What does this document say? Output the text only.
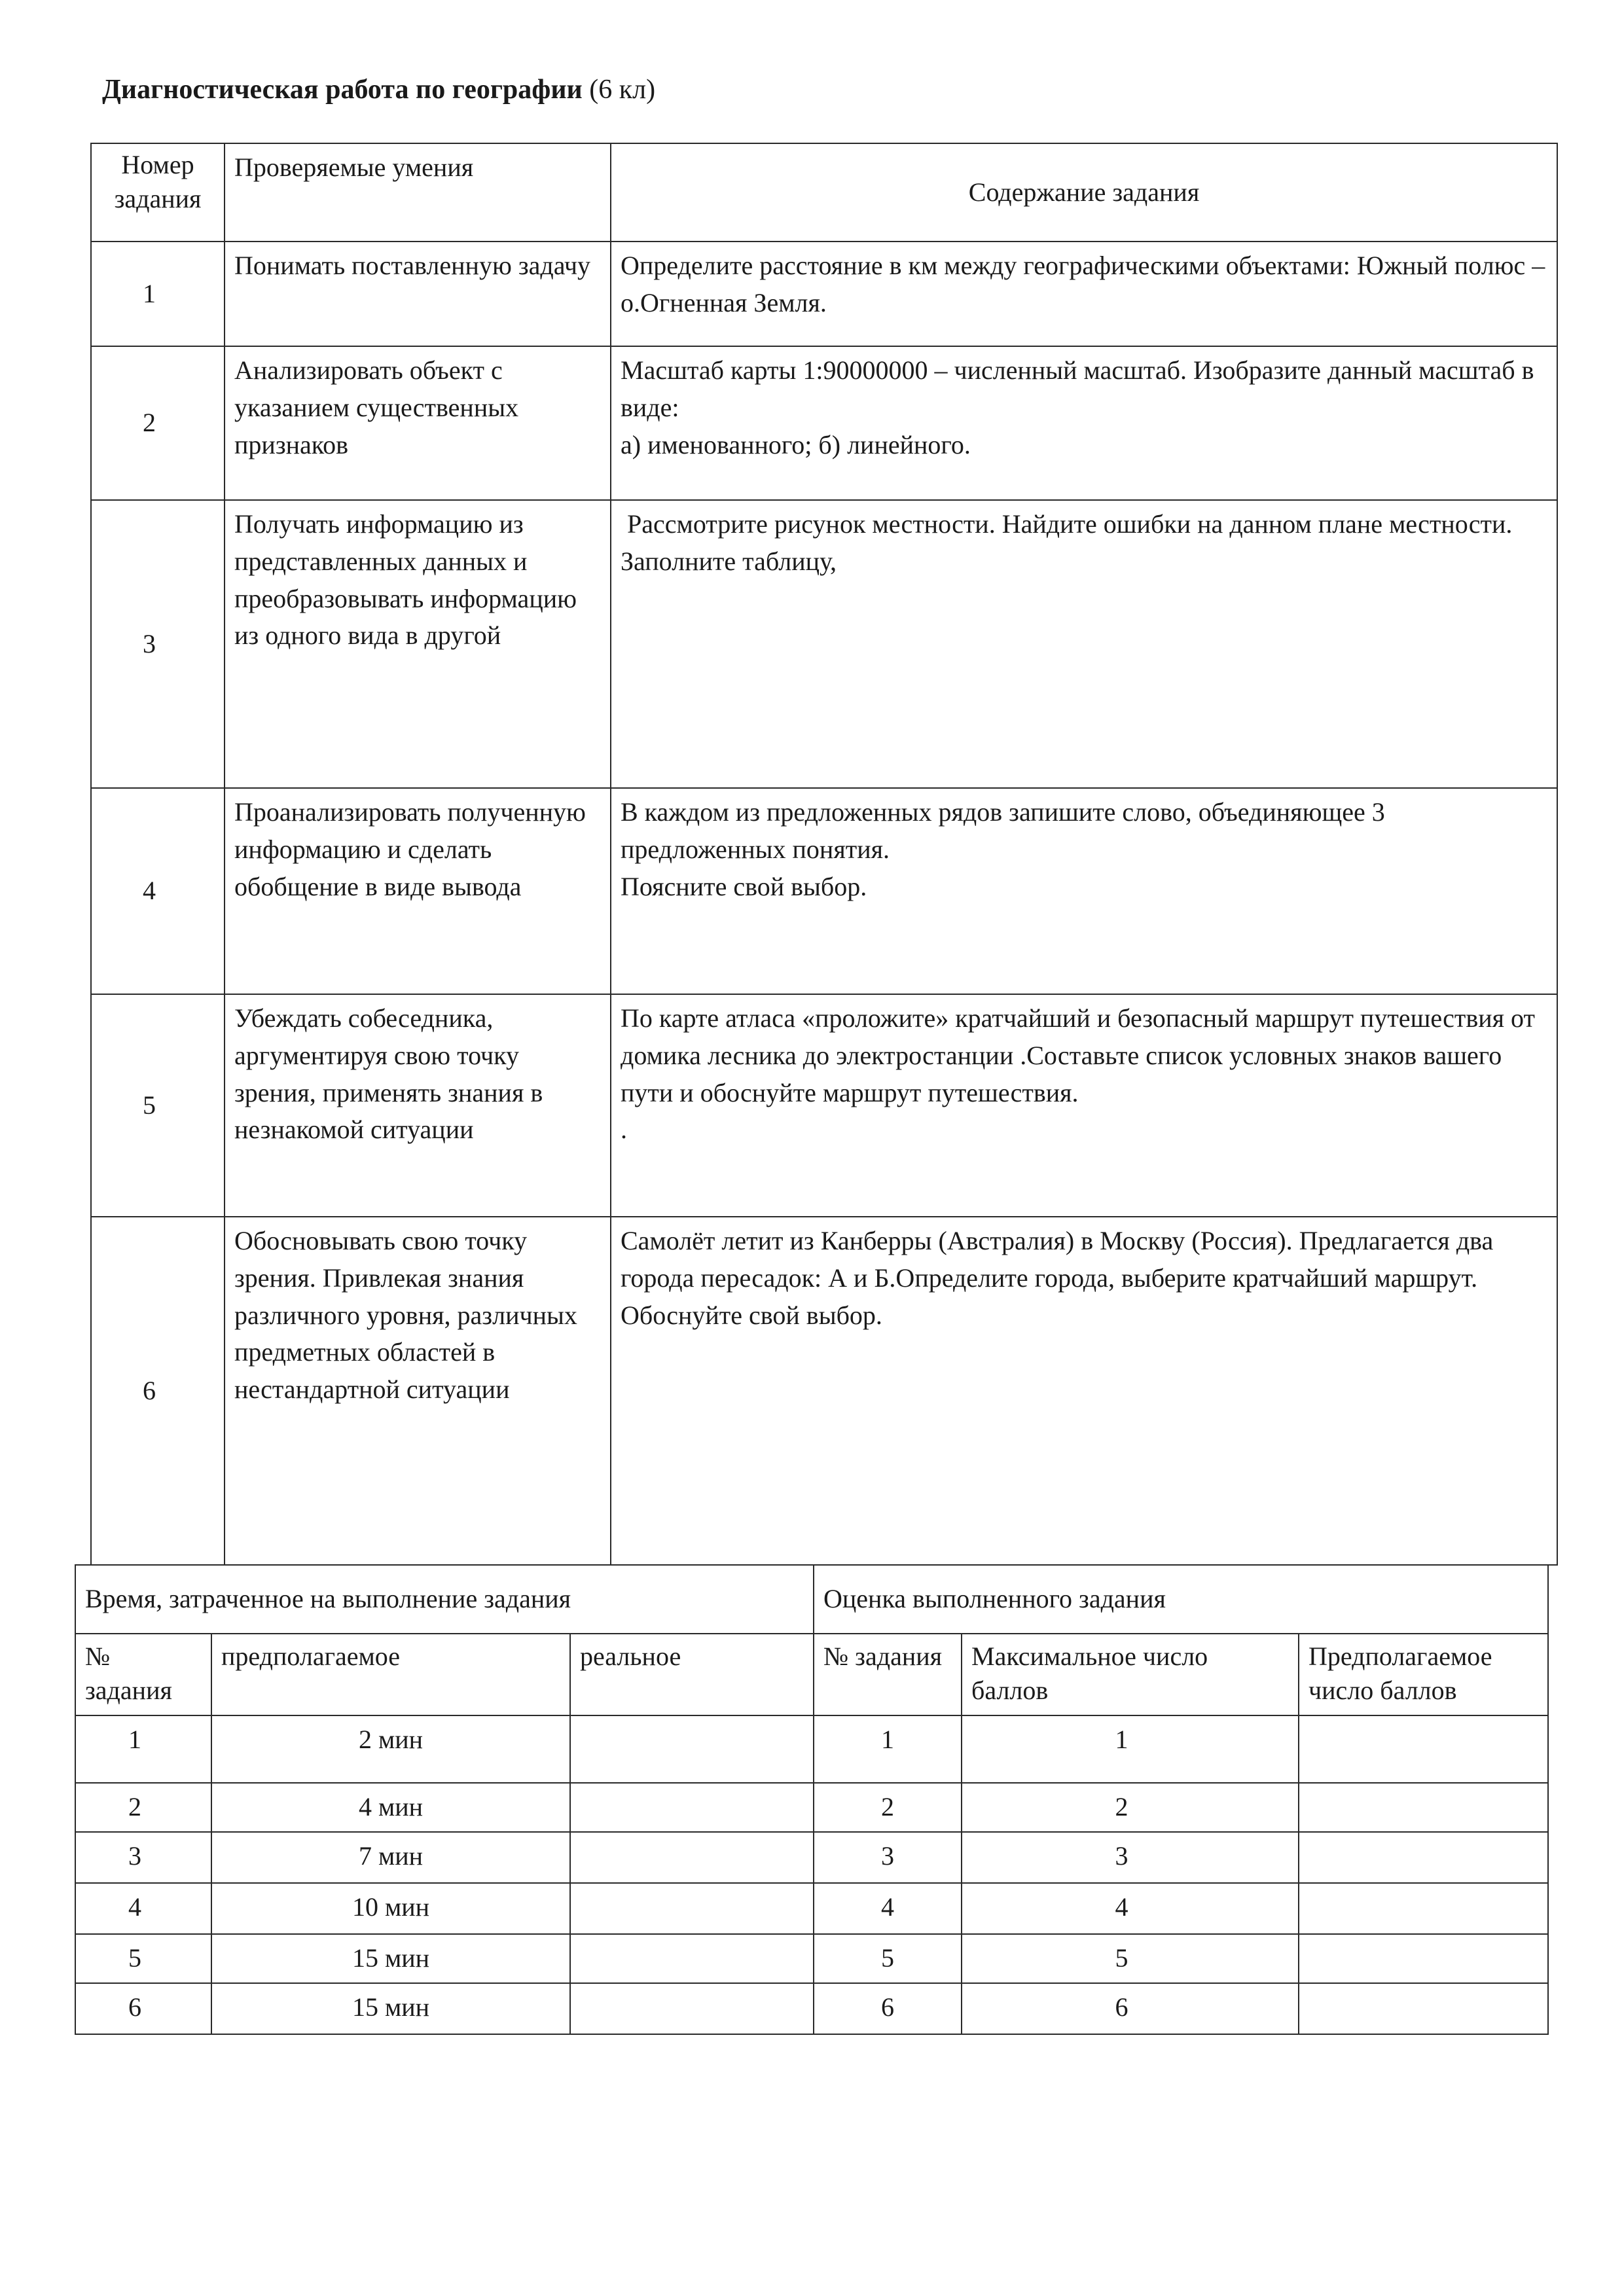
Диагностическая работа по географии (6 кл)
Номер задания	Проверяемые умения	Содержание задания
1	Понимать поставленную задачу	Определите расстояние в км между географическими объектами: Южный полюс –о.Огненная Земля.
2	Анализировать объект с указанием существенных признаков	Масштаб карты 1:90000000 – численный масштаб. Изобразите данный масштаб в виде:
а) именованного; б) линейного.
3	Получать информацию из представленных данных и преобразовывать информацию из одного вида в другой	Рассмотрите рисунок местности. Найдите ошибки на данном плане местности. Заполните таблицу,
4	Проанализировать полученную информацию и сделать обобщение в виде вывода	В каждом из предложенных рядов запишите слово, объединяющее 3 предложенных понятия.
Поясните свой выбор.
5	Убеждать собеседника, аргументируя свою точку зрения, применять знания в незнакомой ситуации	По карте атласа «проложите» кратчайший и безопасный маршрут путешествия от домика лесника до электростанции .Составьте список условных знаков вашего пути и обоснуйте маршрут путешествия.
.
6	Обосновывать свою точку зрения. Привлекая знания различного уровня, различных предметных областей в нестандартной ситуации	Самолёт летит из Канберры (Австралия) в Москву (Россия). Предлагается два города пересадок: А и Б.Определите города, выберите кратчайший маршрут. Обоснуйте свой выбор.
Время, затраченное на выполнение задания			Оценка выполненного задания		
№ задания	предполагаемое	реальное	№ задания	Максимальное число баллов	Предполагаемое число баллов
1	2 мин		1	1	
2	4 мин		2	2	
3	7 мин		3	3	
4	10 мин		4	4	
5	15 мин		5	5	
6	15 мин		6	6	
